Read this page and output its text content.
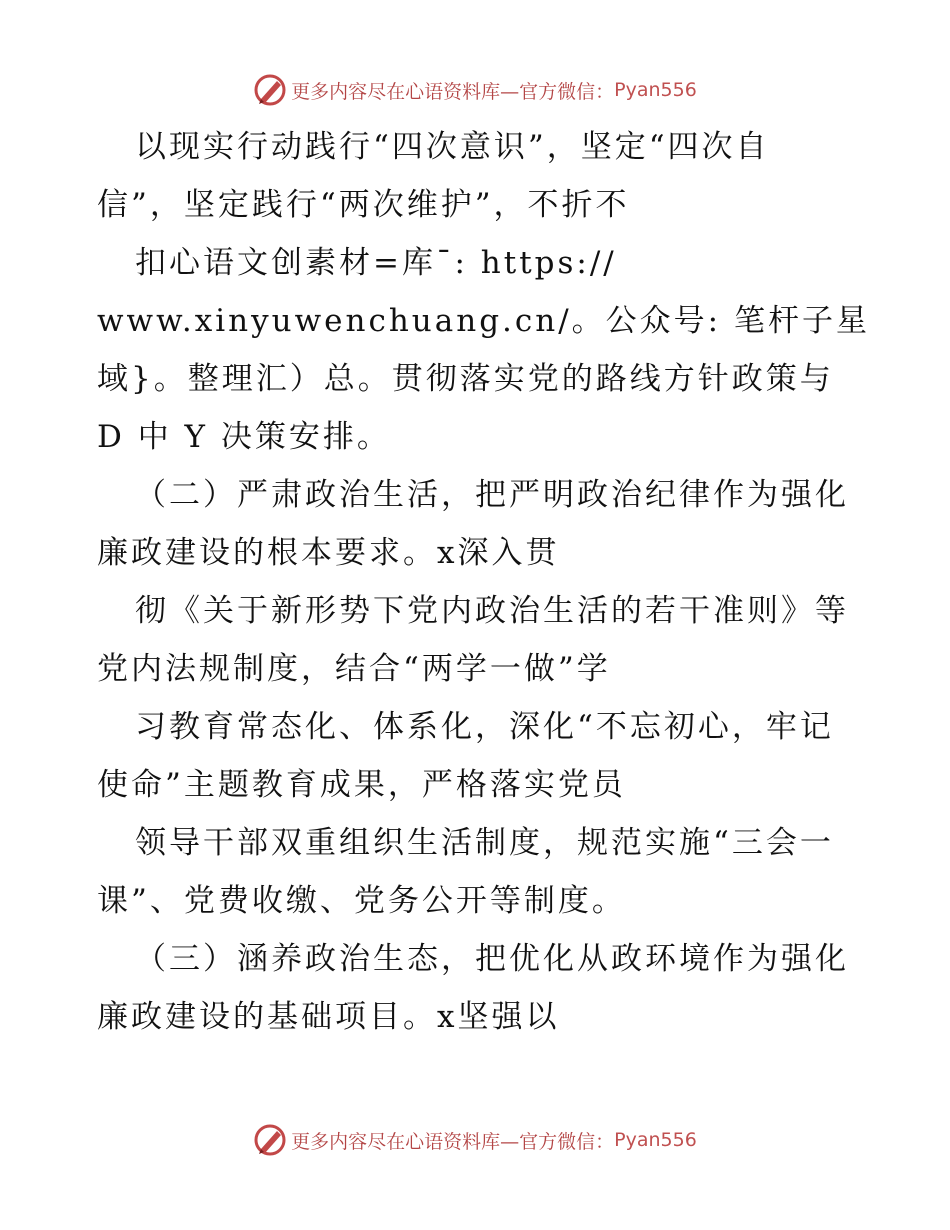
更多内容尽在心语资料库—官方微信： Pyan556
以现实行动践行“四次意识”，坚定“四次自
信”，坚定践行“两次维护”，不折不
扣心语文创素材=库¯: https://
www.xinyuwenchuang.cn/。公众号: 笔杆子星
域}。整理汇）总。贯彻落实党的路线方针政策与
D 中 Y 决策安排。
（二）严肃政治生活，把严明政治纪律作为强化
廉政建设的根本要求。x深入贯
彻《关于新形势下党内政治生活的若干准则》等
党内法规制度，结合“两学一做”学
习教育常态化、体系化，深化“不忘初心，牢记
使命”主题教育成果，严格落实党员
领导干部双重组织生活制度，规范实施“三会一
课”、党费收缴、党务公开等制度。
（三）涵养政治生态，把优化从政环境作为强化
廉政建设的基础项目。x坚强以
更多内容尽在心语资料库—官方微信： Pyan556
